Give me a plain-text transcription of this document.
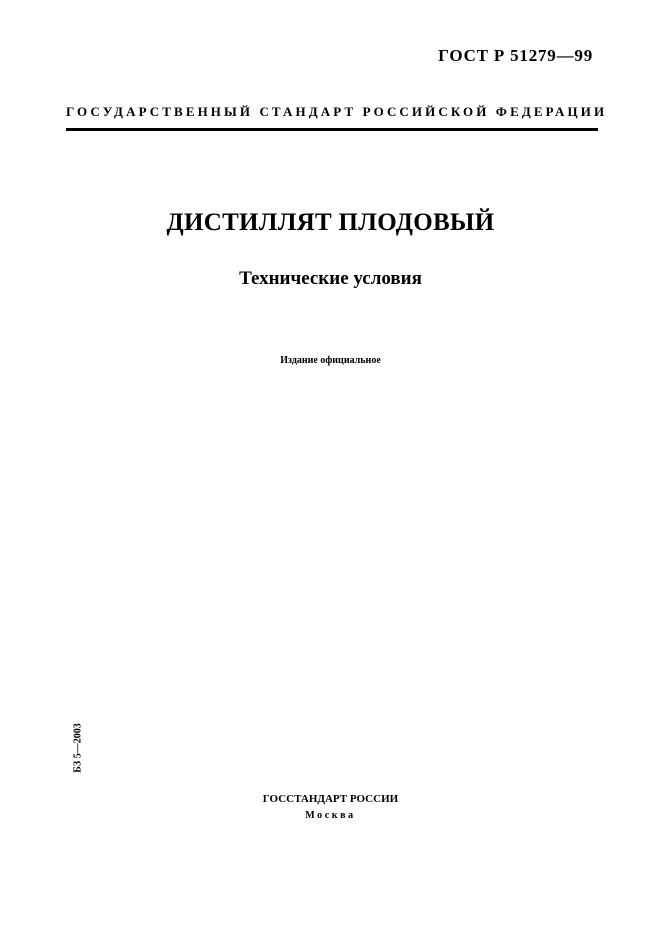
ГОСТ Р 51279—99
ГОСУДАРСТВЕННЫЙ СТАНДАРТ РОССИЙСКОЙ ФЕДЕРАЦИИ
ДИСТИЛЛЯТ ПЛОДОВЫЙ
Технические условия
Издание официальное
БЗ 5—2003
ГОССТАНДАРТ РОССИИ
Москва
